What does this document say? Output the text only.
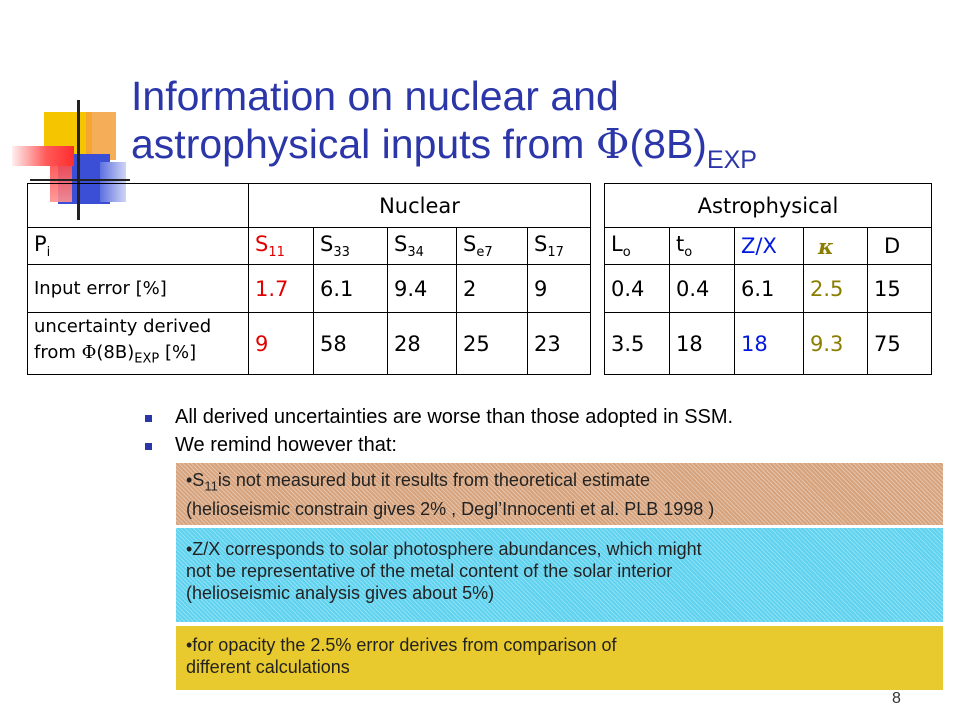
Information on nuclear and
astrophysical inputs from $\Phi(8B)_{EXP}$
	Nuclear						Astrophysical				
$P_i$	$S_{11}$	$S_{33}$	$S_{34}$	$S_{e7}$	$S_{17}$		$L_o$	$t_o$	Z/X	κ	D
Input error [%]	1.7	6.1	9.4	2	9		0.4	0.4	6.1	2.5	15

uncertainty derived
from $\Phi(8B)_{EXP}$ [%]	9	58	28	25	23		3.5	18	18	9.3	75
All derived uncertainties are worse than those adopted in SSM.
We remind however that:
$•S_{11}is$ not measured but it results from theoretical estimate
(helioseismic constrain gives 2% , Degl’Innocenti et al. PLB 1998 )
•Z/X corresponds to solar photosphere abundances, which might
not be representative of the metal content of the solar interior
(helioseismic analysis gives about 5%)
•for opacity the 2.5% error derives from comparison of
different calculations
8
